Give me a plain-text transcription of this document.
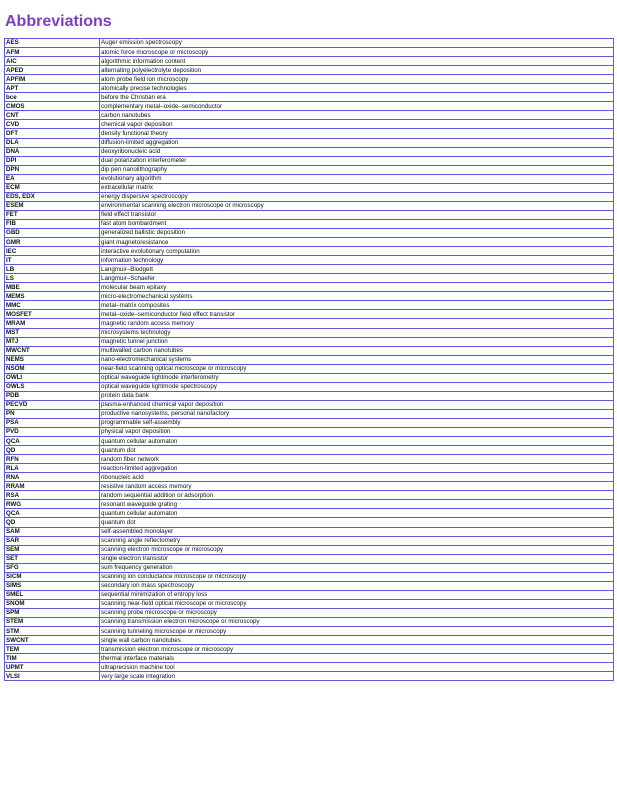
Abbreviations
AES	Auger emission spectroscopy
AFM	atomic force microscope or microscopy
AIC	algorithmic information content
APED	alternating polyelectrolyte deposition
APFIM	atom probe field ion microscopy
APT	atomically precise technologies
bce	before the Christian era
CMOS	complementary metal–oxide–semiconductor
CNT	carbon nanotubes
CVD	chemical vapor deposition
DFT	density functional theory
DLA	diffusion-limited aggregation
DNA	deoxyribonucleic acid
DPI	dual polarization interferometer
DPN	dip pen nanolithography
EA	evolutionary algorithm
ECM	extracellular matrix
EDS, EDX	energy dispersive spectroscopy
ESEM	environmental scanning electron microscope or microscopy
FET	field effect transistor
FIB	fast atom bombardment
GBD	generalized ballistic deposition
GMR	giant magnetoresistance
IEC	interactive evolutionary computation
IT	information technology
LB	Langmuir–Blodgett
LS	Langmuir–Schaefer
MBE	molecular beam epitaxy
MEMS	micro-electromechanical systems
MMC	metal–matrix composites
MOSFET	metal–oxide–semiconductor field effect transistor
MRAM	magnetic random access memory
MST	microsystems technology
MTJ	magnetic tunnel junction
MWCNT	multiwalled carbon nanotubes
NEMS	nano-electromechanical systems
NSOM	near-field scanning optical microscope or microscopy
OWLI	optical waveguide lightmode interferometry
OWLS	optical waveguide lightmode spectroscopy
PDB	protein data bank
PECVD	plasma-enhanced chemical vapor deposition
PN	productive nanosystems, personal nanofactory
PSA	programmable self-assembly
PVD	physical vapor deposition
QCA	quantum cellular automaton
QD	quantum dot
RFN	random fiber network
RLA	reaction-limited aggregation
RNA	ribonucleic acid
RRAM	resistive random access memory
RSA	random sequential addition or adsorption
RWG	resonant waveguide grating
QCA	quantum cellular automaton
QD	quantum dot
SAM	self-assembled monolayer
SAR	scanning angle reflectometry
SEM	scanning electron microscope or microscopy
SET	single electron transistor
SFG	sum frequency generation
SICM	scanning ion conductance microscope or microscopy
SIMS	secondary ion mass spectroscopy
SMEL	sequential minimization of entropy loss
SNOM	scanning near-field optical microscope or microscopy
SPM	scanning probe microscope or microscopy
STEM	scanning transmission electron microscope or microscopy
STM	scanning tunneling microscope or microscopy
SWCNT	single wall carbon nanotubes
TEM	transmission electron microscope or microscopy
TIM	thermal interface materials
UPMT	ultraprecision machine tool
VLSI	very large scale integration
